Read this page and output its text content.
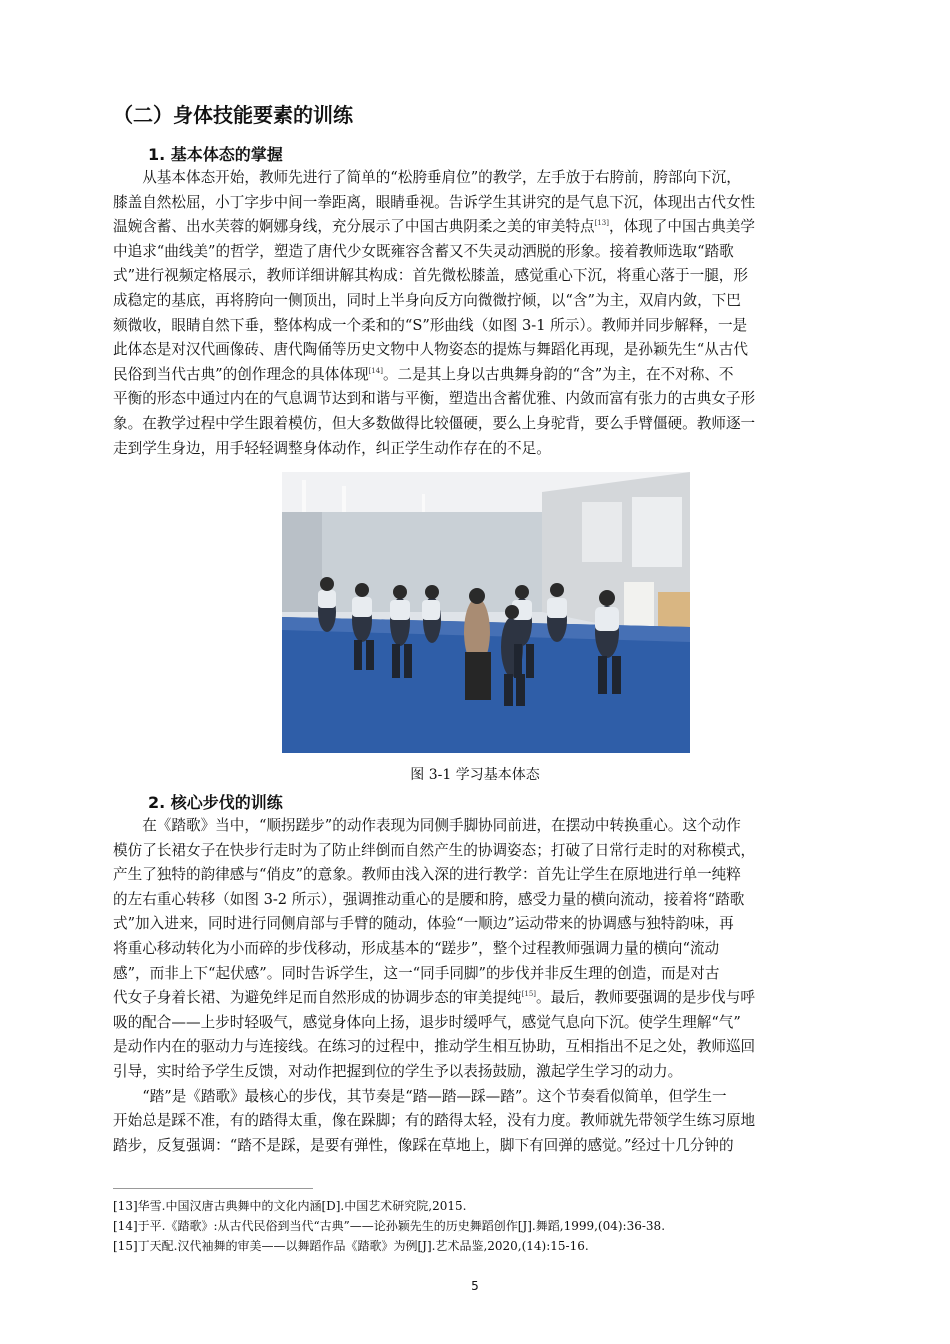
（二）身体技能要素的训练
1. 基本体态的掌握
　　从基本体态开始，教师先进行了简单的“松胯垂肩位”的教学，左手放于右胯前，胯部向下沉，
膝盖自然松屈，小丁字步中间一拳距离，眼睛垂视。告诉学生其讲究的是气息下沉，体现出古代女性
温婉含蓄、出水芙蓉的婀娜身线，充分展示了中国古典阴柔之美的审美特点[13]，体现了中国古典美学
中追求“曲线美”的哲学，塑造了唐代少女既雍容含蓄又不失灵动洒脱的形象。接着教师选取“踏歌
式”进行视频定格展示，教师详细讲解其构成：首先微松膝盖，感觉重心下沉，将重心落于一腿，形
成稳定的基底，再将胯向一侧顶出，同时上半身向反方向微微拧倾，以“含”为主，双肩内敛，下巴
颏微收，眼睛自然下垂，整体构成一个柔和的“S”形曲线（如图 3-1 所示）。教师并同步解释，一是
此体态是对汉代画像砖、唐代陶俑等历史文物中人物姿态的提炼与舞蹈化再现，是孙颖先生“从古代
民俗到当代古典”的创作理念的具体体现[14]。二是其上身以古典舞身韵的“含”为主，在不对称、不
平衡的形态中通过内在的气息调节达到和谐与平衡，塑造出含蓄优雅、内敛而富有张力的古典女子形
象。在教学过程中学生跟着模仿，但大多数做得比较僵硬，要么上身驼背，要么手臂僵硬。教师逐一
走到学生身边，用手轻轻调整身体动作，纠正学生动作存在的不足。
图 3-1 学习基本体态
2. 核心步伐的训练
　　在《踏歌》当中，“顺拐蹉步”的动作表现为同侧手脚协同前进，在摆动中转换重心。这个动作
模仿了长裙女子在快步行走时为了防止绊倒而自然产生的协调姿态；打破了日常行走时的对称模式，
产生了独特的韵律感与“俏皮”的意象。教师由浅入深的进行教学：首先让学生在原地进行单一纯粹
的左右重心转移（如图 3-2 所示），强调推动重心的是腰和胯，感受力量的横向流动，接着将“踏歌
式”加入进来，同时进行同侧肩部与手臂的随动，体验“一顺边”运动带来的协调感与独特韵味，再
将重心移动转化为小而碎的步伐移动，形成基本的“蹉步”，整个过程教师强调力量的横向“流动
感”，而非上下“起伏感”。同时告诉学生，这一“同手同脚”的步伐并非反生理的创造，而是对古
代女子身着长裙、为避免绊足而自然形成的协调步态的审美提纯[15]。最后，教师要强调的是步伐与呼
吸的配合——上步时轻吸气，感觉身体向上扬，退步时缓呼气，感觉气息向下沉。使学生理解“气”
是动作内在的驱动力与连接线。在练习的过程中，推动学生相互协助，互相指出不足之处，教师巡回
引导，实时给予学生反馈，对动作把握到位的学生予以表扬鼓励，激起学生学习的动力。
　　“踏”是《踏歌》最核心的步伐，其节奏是“踏—踏—踩—踏”。这个节奏看似简单，但学生一
开始总是踩不准，有的踏得太重，像在跺脚；有的踏得太轻，没有力度。教师就先带领学生练习原地
踏步，反复强调：“踏不是踩，是要有弹性，像踩在草地上，脚下有回弹的感觉。”经过十几分钟的
[13]华雪.中国汉唐古典舞中的文化内涵[D].中国艺术研究院,2015.
[14]于平.《踏歌》:从古代民俗到当代“古典”——论孙颖先生的历史舞蹈创作[J].舞蹈,1999,(04):36-38.
[15]丁天配.汉代袖舞的审美——以舞蹈作品《踏歌》为例[J].艺术品鉴,2020,(14):15-16.
5
